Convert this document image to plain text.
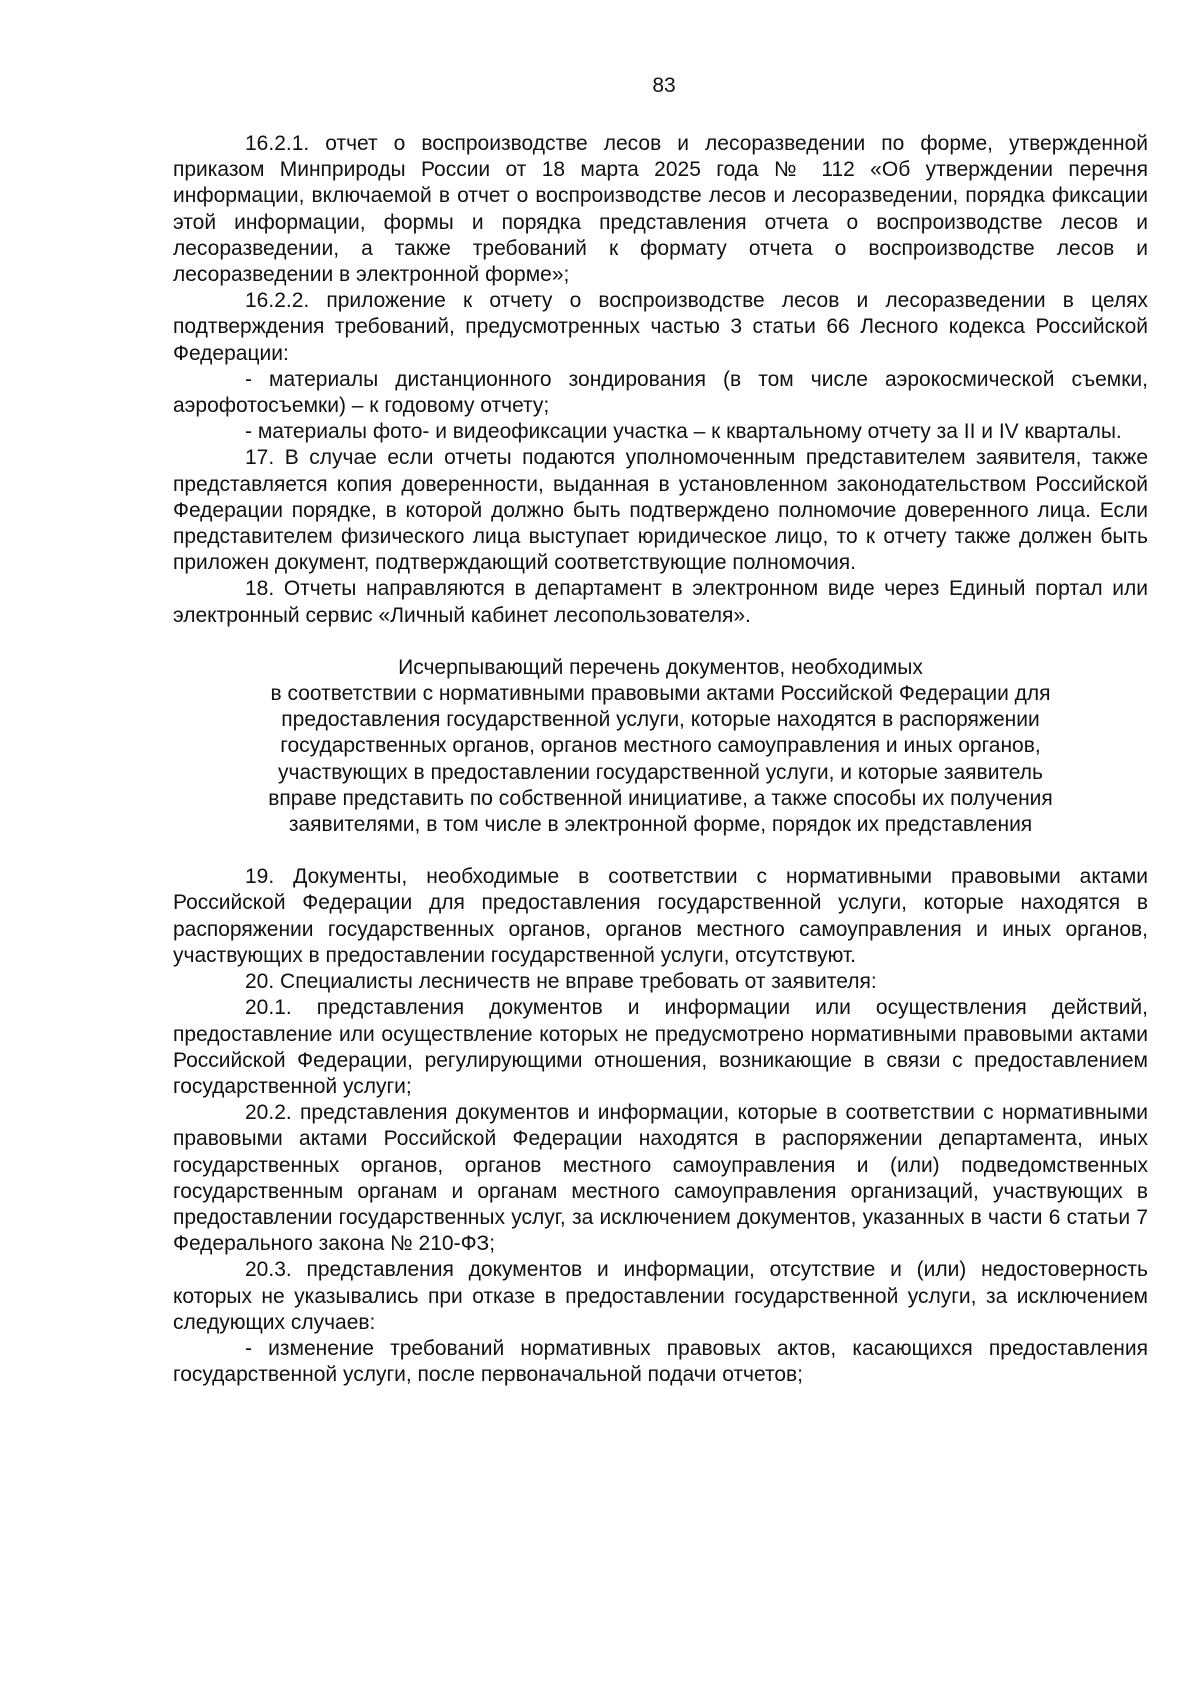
83

16.2.1. отчет о воспроизводстве лесов и лесоразведении по форме, утвержденной приказом Минприроды России от 18 марта 2025 года № 112 «Об утверждении перечня информации, включаемой в отчет о воспроизводстве лесов и лесоразведении, порядка фиксации этой информации, формы и порядка представления отчета о воспроизводстве лесов и лесоразведении, а также требований к формату отчета о воспроизводстве лесов и лесоразведении в электронной форме»;

16.2.2. приложение к отчету о воспроизводстве лесов и лесоразведении в целях подтверждения требований, предусмотренных частью 3 статьи 66 Лесного кодекса Российской Федерации:

- материалы дистанционного зондирования (в том числе аэрокосмической съемки, аэрофотосъемки) – к годовому отчету;

- материалы фото- и видеофиксации участка – к квартальному отчету за II и IV кварталы.

17. В случае если отчеты подаются уполномоченным представителем заявителя, также представляется копия доверенности, выданная в установленном законодательством Российской Федерации порядке, в которой должно быть подтверждено полномочие доверенного лица. Если представителем физического лица выступает юридическое лицо, то к отчету также должен быть приложен документ, подтверждающий соответствующие полномочия.

18. Отчеты направляются в департамент в электронном виде через Единый портал или электронный сервис «Личный кабинет лесопользователя».

Исчерпывающий перечень документов, необходимых

в соответствии с нормативными правовыми актами Российской Федерации для

предоставления государственной услуги, которые находятся в распоряжении

государственных органов, органов местного самоуправления и иных органов,

участвующих в предоставлении государственной услуги, и которые заявитель

вправе представить по собственной инициативе, а также способы их получения

заявителями, в том числе в электронной форме, порядок их представления

19. Документы, необходимые в соответствии с нормативными правовыми актами Российской Федерации для предоставления государственной услуги, которые находятся в распоряжении государственных органов, органов местного самоуправления и иных органов, участвующих в предоставлении государственной услуги, отсутствуют.

20. Специалисты лесничеств не вправе требовать от заявителя:

20.1. представления документов и информации или осуществления действий, предоставление или осуществление которых не предусмотрено нормативными правовыми актами Российской Федерации, регулирующими отношения, возникающие в связи с предоставлением государственной услуги;

20.2. представления документов и информации, которые в соответствии с нормативными правовыми актами Российской Федерации находятся в распоряжении департамента, иных государственных органов, органов местного самоуправления и (или) подведомственных государственным органам и органам местного самоуправления организаций, участвующих в предоставлении государственных услуг, за исключением документов, указанных в части 6 статьи 7 Федерального закона № 210-ФЗ;

20.3. представления документов и информации, отсутствие и (или) недостоверность которых не указывались при отказе в предоставлении государственной услуги, за исключением следующих случаев:

- изменение требований нормативных правовых актов, касающихся предоставления государственной услуги, после первоначальной подачи отчетов;
